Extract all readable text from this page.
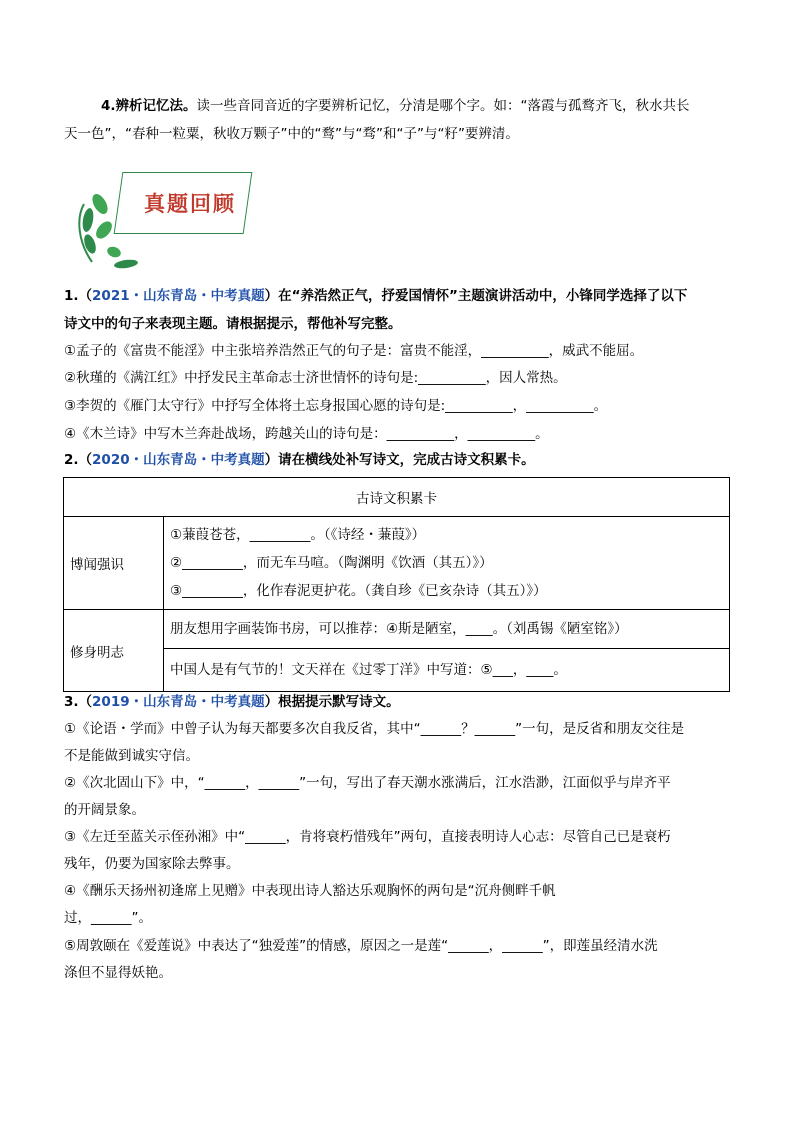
4.辨析记忆法。读一些音同音近的字要辨析记忆，分清是哪个字。如：“落霞与孤鹜齐飞，秋水共长
天一色”，“春种一粒粟，秋收万颗子”中的“鹜”与“骛”和“子”与“籽”要辨清。
真题回顾
1.（2021・山东青岛・中考真题）在“养浩然正气，抒爱国情怀”主题演讲活动中，小锋同学选择了以下
诗文中的句子来表现主题。请根据提示，帮他补写完整。
①孟子的《富贵不能淫》中主张培养浩然正气的句子是：富贵不能淫，__________，威武不能屈。
②秋瑾的《满江红》中抒发民主革命志士济世情怀的诗句是:__________，因人常热。
③李贺的《雁门太守行》中抒写全体将土忘身报国心愿的诗句是:__________，__________。
④《木兰诗》中写木兰奔赴战场，跨越关山的诗句是：__________，__________。
2.（2020・山东青岛・中考真题）请在横线处补写诗文，完成古诗文积累卡。
古诗文积累卡	
博闻强识	①蒹葭苍苍，_________。（《诗经・蒹葭》）
②_________，而无车马喧。（陶渊明《饮酒（其五）》）
③_________，化作春泥更护花。（龚自珍《已亥杂诗（其五）》）

修身明志	朋友想用字画装饰书房，可以推荐：④斯是陋室，____。（刘禹锡《陋室铭》）

	中国人是有气节的！文天祥在《过零丁洋》中写道：⑤___，____。
3.（2019・山东青岛・中考真题）根据提示默写诗文。
①《论语・学而》中曾子认为每天都要多次自我反省，其中“______？______”一句，是反省和朋友交往是
不是能做到诚实守信。
②《次北固山下》中，“______，______”一句，写出了春天潮水涨满后，江水浩渺，江面似乎与岸齐平
的开阔景象。
③《左迁至蓝关示侄孙湘》中“______，肯将衰朽惜残年”两句，直接表明诗人心志：尽管自己已是衰朽
残年，仍要为国家除去弊事。
④《酬乐天扬州初逢席上见赠》中表现出诗人豁达乐观胸怀的两句是“沉舟侧畔千帆
过，______”。
⑤周敦颐在《爱莲说》中表达了“独爱莲”的情感，原因之一是莲“______，______”，即莲虽经清水洗
涤但不显得妖艳。
